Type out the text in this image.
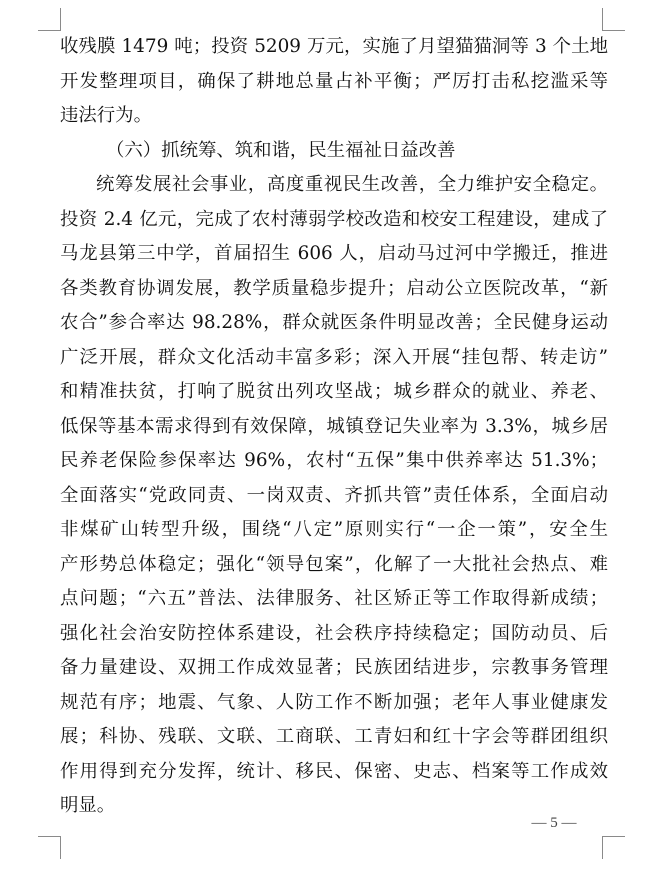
收残膜 1479 吨；投资 5209 万元，实施了月望猫猫洞等 3 个土地
开发整理项目，确保了耕地总量占补平衡；严厉打击私挖滥采等
违法行为。
（六）抓统筹、筑和谐，民生福祉日益改善
统筹发展社会事业，高度重视民生改善，全力维护安全稳定。
投资 2.4 亿元，完成了农村薄弱学校改造和校安工程建设，建成了
马龙县第三中学，首届招生 606 人，启动马过河中学搬迁，推进
各类教育协调发展，教学质量稳步提升；启动公立医院改革，“新
农合”参合率达 98.28%，群众就医条件明显改善；全民健身运动
广泛开展，群众文化活动丰富多彩；深入开展“挂包帮、转走访”
和精准扶贫，打响了脱贫出列攻坚战；城乡群众的就业、养老、
低保等基本需求得到有效保障，城镇登记失业率为 3.3%，城乡居
民养老保险参保率达 96%，农村“五保”集中供养率达 51.3%；
全面落实“党政同责、一岗双责、齐抓共管”责任体系，全面启动
非煤矿山转型升级，围绕“八定”原则实行“一企一策”，安全生
产形势总体稳定；强化“领导包案”，化解了一大批社会热点、难
点问题；“六五”普法、法律服务、社区矫正等工作取得新成绩；
强化社会治安防控体系建设，社会秩序持续稳定；国防动员、后
备力量建设、双拥工作成效显著；民族团结进步，宗教事务管理
规范有序；地震、气象、人防工作不断加强；老年人事业健康发
展；科协、残联、文联、工商联、工青妇和红十字会等群团组织
作用得到充分发挥，统计、移民、保密、史志、档案等工作成效
明显。
— 5 —
